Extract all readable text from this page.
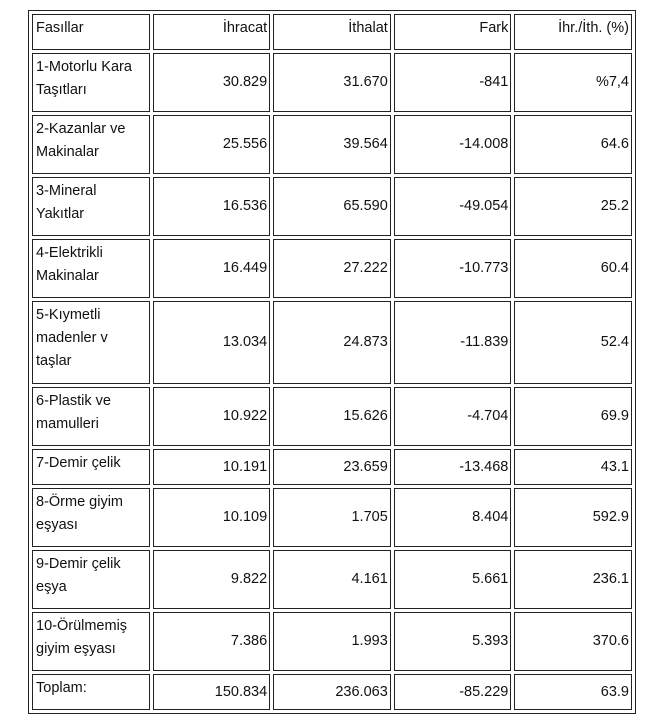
Fasıllar	İhracat	İthalat	Fark	İhr./İth. (%)
1-Motorlu Kara Taşıtları	30.829	31.670	-841	%7,4
2-Kazanlar ve Makinalar	25.556	39.564	-14.008	64.6
3-Mineral Yakıtlar	16.536	65.590	-49.054	25.2
4-Elektrikli Makinalar	16.449	27.222	-10.773	60.4
5-Kıymetli madenler v taşlar	13.034	24.873	-11.839	52.4
6-Plastik ve mamulleri	10.922	15.626	-4.704	69.9
7-Demir çelik	10.191	23.659	-13.468	43.1
8-Örme giyim eşyası	10.109	1.705	8.404	592.9
9-Demir çelik eşya	9.822	4.161	5.661	236.1
10-Örülmemiş giyim eşyası	7.386	1.993	5.393	370.6
Toplam:	150.834	236.063	-85.229	63.9
